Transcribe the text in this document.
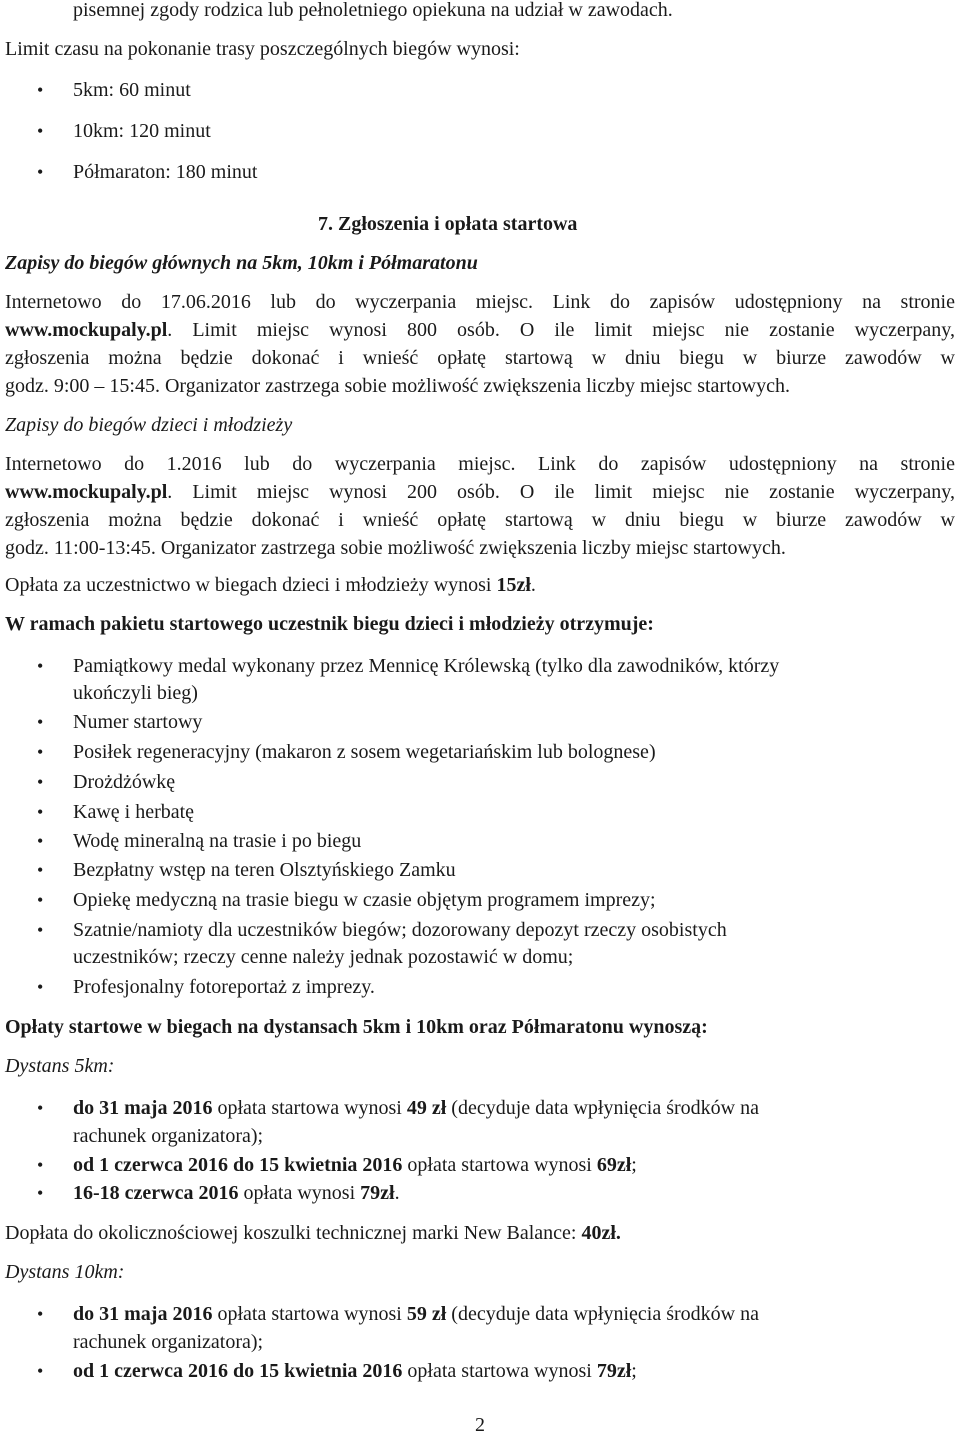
pisemnej zgody rodzica lub pełnoletniego opiekuna na udział w zawodach.
Limit czasu na pokonanie trasy poszczególnych biegów wynosi:
• 5km: 60 minut
• 10km: 120 minut
• Półmaraton: 180 minut
7. Zgłoszenia i opłata startowa
Zapisy do biegów głównych na 5km, 10km i Półmaratonu
Internetowo do 17.06.2016 lub do wyczerpania miejsc. Link do zapisów udostępniony na stronie
www.mockupaly.pl. Limit miejsc wynosi 800 osób. O ile limit miejsc nie zostanie wyczerpany,
zgłoszenia można będzie dokonać i wnieść opłatę startową w dniu biegu w biurze zawodów w
godz. 9:00 – 15:45. Organizator zastrzega sobie możliwość zwiększenia liczby miejsc startowych.
Zapisy do biegów dzieci i młodzieży
Internetowo do 1.2016 lub do wyczerpania miejsc. Link do zapisów udostępniony na stronie
www.mockupaly.pl. Limit miejsc wynosi 200 osób. O ile limit miejsc nie zostanie wyczerpany,
zgłoszenia można będzie dokonać i wnieść opłatę startową w dniu biegu w biurze zawodów w
godz. 11:00-13:45. Organizator zastrzega sobie możliwość zwiększenia liczby miejsc startowych.
Opłata za uczestnictwo w biegach dzieci i młodzieży wynosi 15zł.
W ramach pakietu startowego uczestnik biegu dzieci i młodzieży otrzymuje:
• Pamiątkowy medal wykonany przez Mennicę Królewską (tylko dla zawodników, którzy
ukończyli bieg)
• Numer startowy
• Posiłek regeneracyjny (makaron z sosem wegetariańskim lub bolognese)
• Drożdżówkę
• Kawę i herbatę
• Wodę mineralną na trasie i po biegu
• Bezpłatny wstęp na teren Olsztyńskiego Zamku
• Opiekę medyczną na trasie biegu w czasie objętym programem imprezy;
• Szatnie/namioty dla uczestników biegów; dozorowany depozyt rzeczy osobistych
uczestników; rzeczy cenne należy jednak pozostawić w domu;
• Profesjonalny fotoreportaż z imprezy.
Opłaty startowe w biegach na dystansach 5km i 10km oraz Półmaratonu wynoszą:
Dystans 5km:
• do 31 maja 2016 opłata startowa wynosi 49 zł (decyduje data wpłynięcia środków na
rachunek organizatora);
• od 1 czerwca 2016 do 15 kwietnia 2016 opłata startowa wynosi 69zł;
• 16-18 czerwca 2016 opłata wynosi 79zł.
Dopłata do okolicznościowej koszulki technicznej marki New Balance: 40zł.
Dystans 10km:
• do 31 maja 2016 opłata startowa wynosi 59 zł (decyduje data wpłynięcia środków na
rachunek organizatora);
• od 1 czerwca 2016 do 15 kwietnia 2016 opłata startowa wynosi 79zł;
2
